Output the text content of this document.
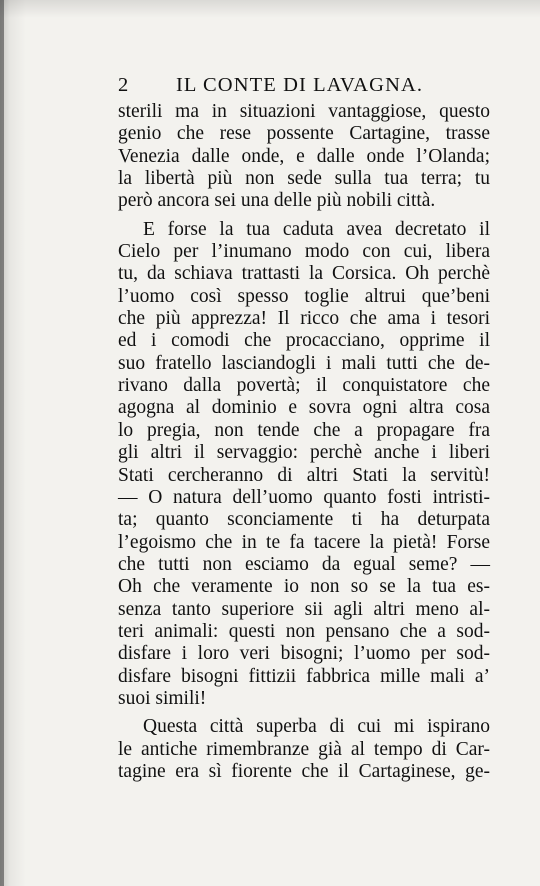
2 IL CONTE DI LAVAGNA.
sterili ma in situazioni vantaggiose, questo
genio che rese possente Cartagine, trasse
Venezia dalle onde, e dalle onde l’Olanda;
la libertà più non sede sulla tua terra; tu
però ancora sei una delle più nobili città.
E forse la tua caduta avea decretato il
Cielo per l’inumano modo con cui, libera
tu, da schiava trattasti la Corsica. Oh perchè
l’uomo così spesso toglie altrui que’beni
che più apprezza! Il ricco che ama i tesori
ed i comodi che procacciano, opprime il
suo fratello lasciandogli i mali tutti che de-
rivano dalla povertà; il conquistatore che
agogna al dominio e sovra ogni altra cosa
lo pregia, non tende che a propagare fra
gli altri il servaggio: perchè anche i liberi
Stati cercheranno di altri Stati la servitù!
— O natura dell’uomo quanto fosti intristi-
ta; quanto sconciamente ti ha deturpata
l’egoismo che in te fa tacere la pietà! Forse
che tutti non esciamo da egual seme? —
Oh che veramente io non so se la tua es-
senza tanto superiore sii agli altri meno al-
teri animali: questi non pensano che a sod-
disfare i loro veri bisogni; l’uomo per sod-
disfare bisogni fittizii fabbrica mille mali a’
suoi simili!
Questa città superba di cui mi ispirano
le antiche rimembranze già al tempo di Car-
tagine era sì fiorente che il Cartaginese, ge-
